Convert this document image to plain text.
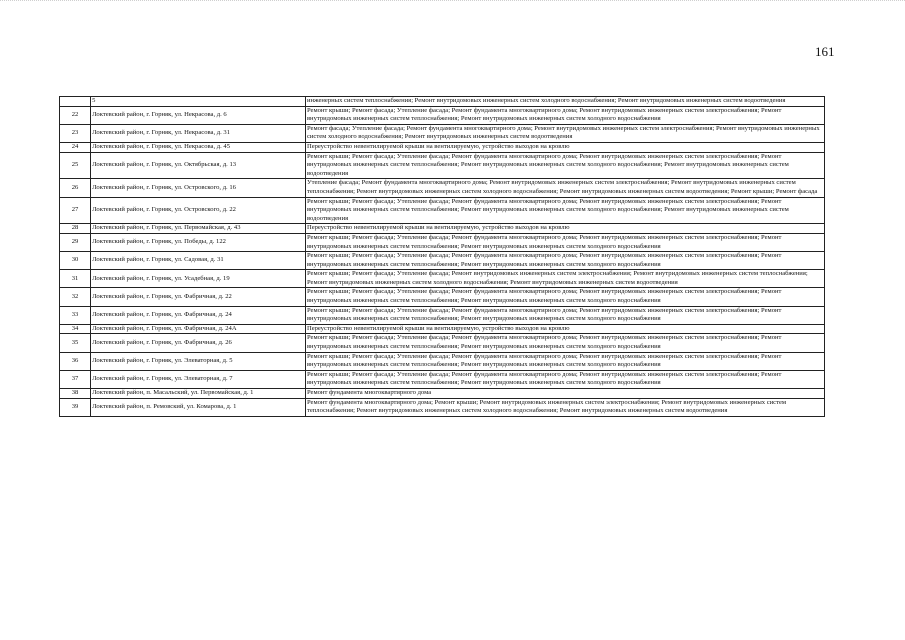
161
	5	инженерных систем теплоснабжения; Ремонт внутридомовых инженерных систем холодного водоснабжения; Ремонт внутридомовых инженерных систем водоотведения
22	Локтевский район, г. Горняк, ул. Некрасова, д. 6	Ремонт крыши; Ремонт фасада; Утепление фасада; Ремонт фундамента многоквартирного дома; Ремонт внутридомовых инженерных систем электроснабжения; Ремонт внутридомовых инженерных систем теплоснабжения; Ремонт внутридомовых инженерных систем холодного водоснабжения
23	Локтевский район, г. Горняк, ул. Некрасова, д. 31	Ремонт фасада; Утепление фасада; Ремонт фундамента многоквартирного дома; Ремонт внутридомовых инженерных систем электроснабжения; Ремонт внутридомовых инженерных систем холодного водоснабжения; Ремонт внутридомовых инженерных систем водоотведения
24	Локтевский район, г. Горняк, ул. Некрасова, д. 45	Переустройство невентилируемой крыши на вентилируемую, устройство выходов на кровлю
25	Локтевский район, г. Горняк, ул. Октябрьская, д. 13	Ремонт крыши; Ремонт фасада; Утепление фасада; Ремонт фундамента многоквартирного дома; Ремонт внутридомовых инженерных систем электроснабжения; Ремонт внутридомовых инженерных систем теплоснабжения; Ремонт внутридомовых инженерных систем холодного водоснабжения; Ремонт внутридомовых инженерных систем водоотведения
26	Локтевский район, г. Горняк, ул. Островского, д. 16	Утепление фасада; Ремонт фундамента многоквартирного дома; Ремонт внутридомовых инженерных систем электроснабжения; Ремонт внутридомовых инженерных систем теплоснабжения; Ремонт внутридомовых инженерных систем холодного водоснабжения; Ремонт внутридомовых инженерных систем водоотведения; Ремонт крыши; Ремонт фасада
27	Локтевский район, г. Горняк, ул. Островского, д. 22	Ремонт крыши; Ремонт фасада; Утепление фасада; Ремонт фундамента многоквартирного дома; Ремонт внутридомовых инженерных систем электроснабжения; Ремонт внутридомовых инженерных систем теплоснабжения; Ремонт внутридомовых инженерных систем холодного водоснабжения; Ремонт внутридомовых инженерных систем водоотведения
28	Локтевский район, г. Горняк, ул. Первомайская, д. 43	Переустройство невентилируемой крыши на вентилируемую, устройство выходов на кровлю
29	Локтевский район, г. Горняк, ул. Победы, д. 122	Ремонт крыши; Ремонт фасада; Утепление фасада; Ремонт фундамента многоквартирного дома; Ремонт внутридомовых инженерных систем электроснабжения; Ремонт внутридомовых инженерных систем теплоснабжения; Ремонт внутридомовых инженерных систем холодного водоснабжения
30	Локтевский район, г. Горняк, ул. Садовая, д. 31	Ремонт крыши; Ремонт фасада; Утепление фасада; Ремонт фундамента многоквартирного дома; Ремонт внутридомовых инженерных систем электроснабжения; Ремонт внутридомовых инженерных систем теплоснабжения; Ремонт внутридомовых инженерных систем холодного водоснабжения
31	Локтевский район, г. Горняк, ул. Усадебная, д. 19	Ремонт крыши; Ремонт фасада; Утепление фасада; Ремонт внутридомовых инженерных систем электроснабжения; Ремонт внутридомовых инженерных систем теплоснабжения; Ремонт внутридомовых инженерных систем холодного водоснабжения; Ремонт внутридомовых инженерных систем водоотведения
32	Локтевский район, г. Горняк, ул. Фабричная, д. 22	Ремонт крыши; Ремонт фасада; Утепление фасада; Ремонт фундамента многоквартирного дома; Ремонт внутридомовых инженерных систем электроснабжения; Ремонт внутридомовых инженерных систем теплоснабжения; Ремонт внутридомовых инженерных систем холодного водоснабжения
33	Локтевский район, г. Горняк, ул. Фабричная, д. 24	Ремонт крыши; Ремонт фасада; Утепление фасада; Ремонт фундамента многоквартирного дома; Ремонт внутридомовых инженерных систем электроснабжения; Ремонт внутридомовых инженерных систем теплоснабжения; Ремонт внутридомовых инженерных систем холодного водоснабжения
34	Локтевский район, г. Горняк, ул. Фабричная, д. 24А	Переустройство невентилируемой крыши на вентилируемую, устройство выходов на кровлю
35	Локтевский район, г. Горняк, ул. Фабричная, д. 26	Ремонт крыши; Ремонт фасада; Утепление фасада; Ремонт фундамента многоквартирного дома; Ремонт внутридомовых инженерных систем электроснабжения; Ремонт внутридомовых инженерных систем теплоснабжения; Ремонт внутридомовых инженерных систем холодного водоснабжения
36	Локтевский район, г. Горняк, ул. Элеваторная, д. 5	Ремонт крыши; Ремонт фасада; Утепление фасада; Ремонт фундамента многоквартирного дома; Ремонт внутридомовых инженерных систем электроснабжения; Ремонт внутридомовых инженерных систем теплоснабжения; Ремонт внутридомовых инженерных систем холодного водоснабжения
37	Локтевский район, г. Горняк, ул. Элеваторная, д. 7	Ремонт крыши; Ремонт фасада; Утепление фасада; Ремонт фундамента многоквартирного дома; Ремонт внутридомовых инженерных систем электроснабжения; Ремонт внутридомовых инженерных систем теплоснабжения; Ремонт внутридомовых инженерных систем холодного водоснабжения
38	Локтевский район, п. Масальский, ул. Первомайская, д. 1	Ремонт фундамента многоквартирного дома
39	Локтевский район, п. Ремовский, ул. Комарова, д. 1	Ремонт фундамента многоквартирного дома; Ремонт крыши; Ремонт внутридомовых инженерных систем электроснабжения; Ремонт внутридомовых инженерных систем теплоснабжения; Ремонт внутридомовых инженерных систем холодного водоснабжения; Ремонт внутридомовых инженерных систем водоотведения
